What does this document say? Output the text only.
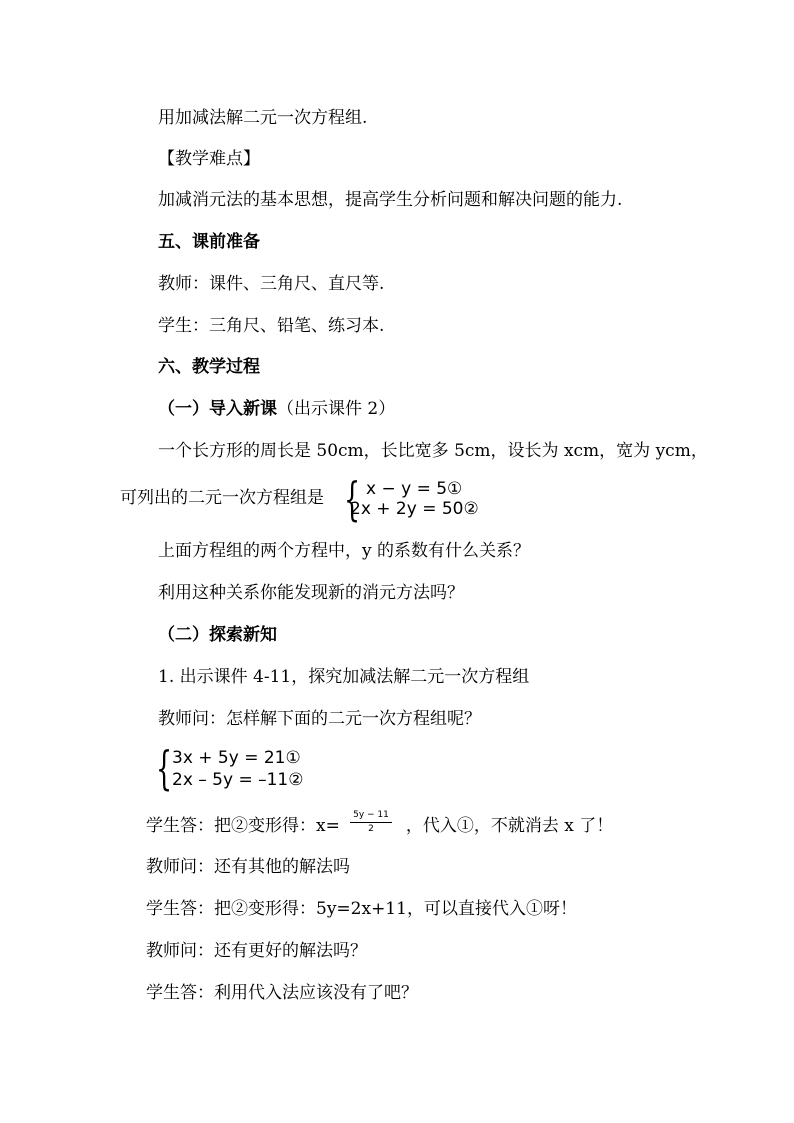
用加减法解二元一次方程组.
【教学难点】
加减消元法的基本思想，提高学生分析问题和解决问题的能力.
五、课前准备
教师：课件、三角尺、直尺等.
学生：三角尺、铅笔、练习本.
六、教学过程
（一）导入新课（出示课件 2）
一个长方形的周长是 50cm，长比宽多 5cm，设长为 xcm，宽为 ycm，
可列出的二元一次方程组是 { x − y = 5①
2x + 2y = 50②
上面方程组的两个方程中，y 的系数有什么关系？
利用这种关系你能发现新的消元方法吗？
（二）探索新知
1. 出示课件 4-11，探究加减法解二元一次方程组
教师问：怎样解下面的二元一次方程组呢？
{ 3x + 5y = 21①
2x – 5y = –11②
学生答：把②变形得：x=	，代入①，不就消去 x 了！
5y − 11
2
教师问：还有其他的解法吗
学生答：把②变形得：5y=2x+11，可以直接代入①呀！
教师问：还有更好的解法吗？
学生答：利用代入法应该没有了吧？
